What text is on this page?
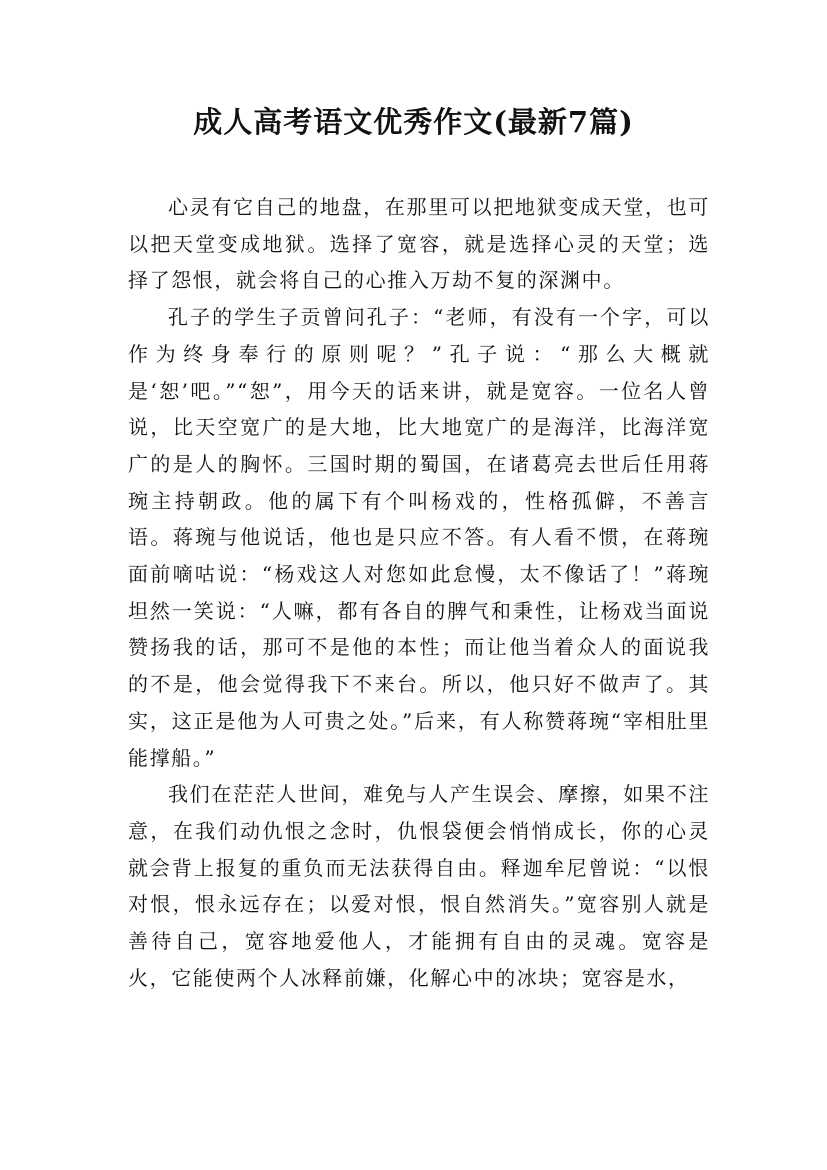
成人高考语文优秀作文(最新7篇)

心灵有它自己的地盘，在那里可以把地狱变成天堂，也可以把天堂变成地狱。选择了宽容，就是选择心灵的天堂；选择了怨恨，就会将自己的心推入万劫不复的深渊中。

孔子的学生子贡曾问孔子：“老师，有没有一个字，可以作为终身奉行的原则呢？”孔子说：“那么大概就是‘恕’吧。”“恕”，用今天的话来讲，就是宽容。一位名人曾说，比天空宽广的是大地，比大地宽广的是海洋，比海洋宽广的是人的胸怀。三国时期的蜀国，在诸葛亮去世后任用蒋琬主持朝政。他的属下有个叫杨戏的，性格孤僻，不善言语。蒋琬与他说话，他也是只应不答。有人看不惯，在蒋琬面前嘀咕说：“杨戏这人对您如此怠慢，太不像话了！”蒋琬坦然一笑说：“人嘛，都有各自的脾气和秉性，让杨戏当面说赞扬我的话，那可不是他的本性；而让他当着众人的面说我的不是，他会觉得我下不来台。所以，他只好不做声了。其实，这正是他为人可贵之处。”后来，有人称赞蒋琬“宰相肚里能撑船。”

我们在茫茫人世间，难免与人产生误会、摩擦，如果不注意，在我们动仇恨之念时，仇恨袋便会悄悄成长，你的心灵就会背上报复的重负而无法获得自由。释迦牟尼曾说：“以恨对恨，恨永远存在；以爱对恨，恨自然消失。”宽容别人就是善待自己，宽容地爱他人，才能拥有自由的灵魂。宽容是火，它能使两个人冰释前嫌，化解心中的冰块；宽容是水，
